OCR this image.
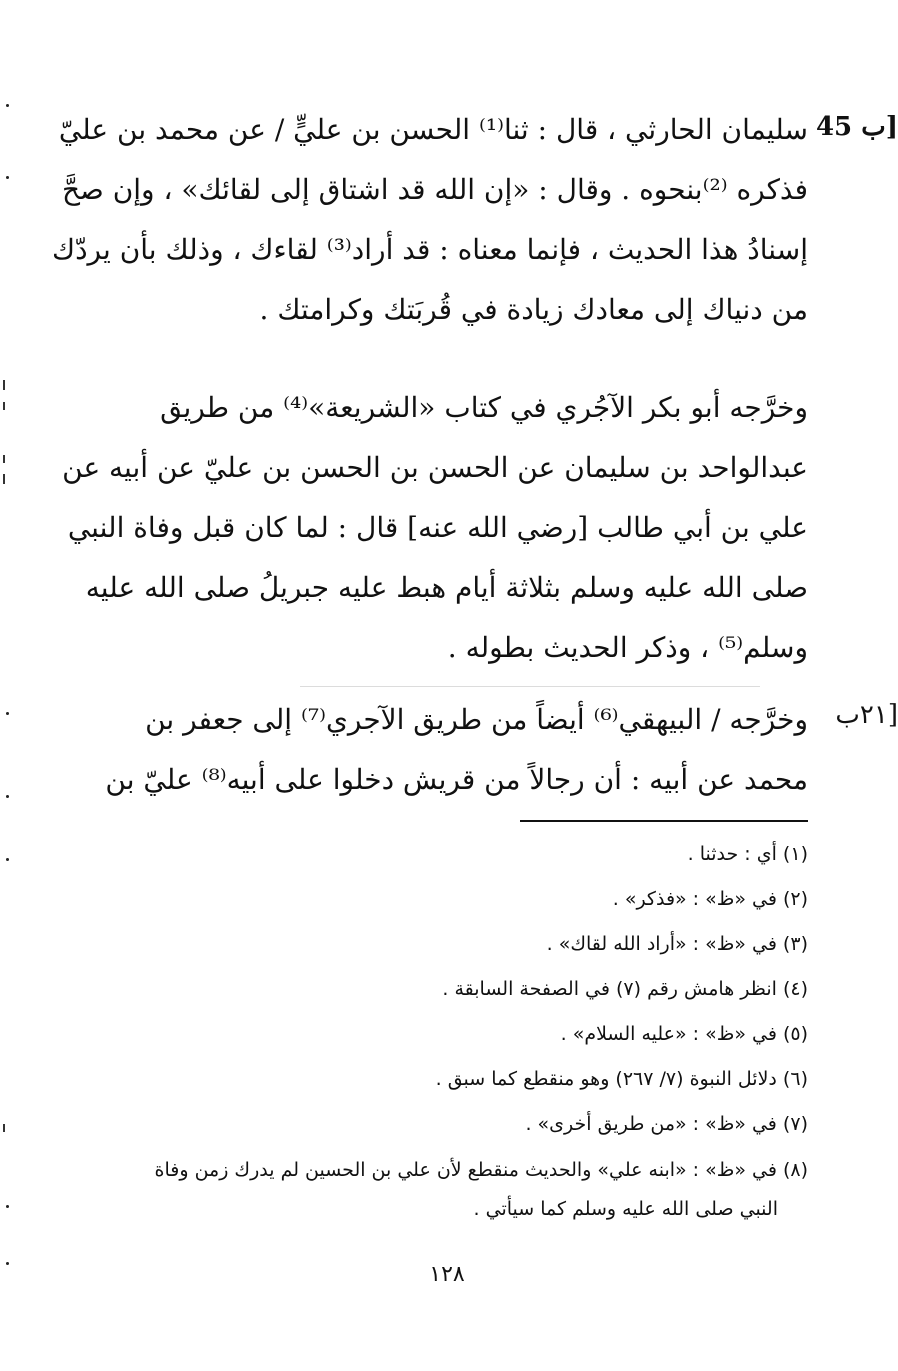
45 ب]
٢١ب]
سليمان الحارثي ، قال : ثنا⁽¹⁾ الحسن بن عليٍّ / عن محمد بن عليّ
فذكره ⁽²⁾بنحوه . وقال : «إن الله قد اشتاق إلى لقائك» ، وإن صحَّ
إسنادُ هذا الحديث ، فإنما معناه : قد أراد⁽³⁾ لقاءك ، وذلك بأن يردّك
من دنياك إلى معادك زيادة في قُربَتك وكرامتك .
وخرَّجه أبو بكر الآجُري في كتاب «الشريعة»⁽⁴⁾ من طريق
عبدالواحد بن سليمان عن الحسن بن الحسن بن عليّ عن أبيه عن
علي بن أبي طالب [رضي الله عنه] قال : لما كان قبل وفاة النبي
صلى الله عليه وسلم بثلاثة أيام هبط عليه جبريلُ صلى الله عليه
وسلم⁽⁵⁾ ، وذكر الحديث بطوله .
وخرَّجه / البيهقي⁽⁶⁾ أيضاً من طريق الآجري⁽⁷⁾ إلى جعفر بن
محمد عن أبيه : أن رجالاً من قريش دخلوا على أبيه⁽⁸⁾ عليّ بن
(١) أي : حدثنا .
(٢) في «ظ» : «فذكر» .
(٣) في «ظ» : «أراد الله لقاك» .
(٤) انظر هامش رقم (٧) في الصفحة السابقة .
(٥) في «ظ» : «عليه السلام» .
(٦) دلائل النبوة (٧/ ٢٦٧) وهو منقطع كما سبق .
(٧) في «ظ» : «من طريق أخرى» .
(٨) في «ظ» : «ابنه علي» والحديث منقطع لأن علي بن الحسين لم يدرك زمن وفاة
النبي صلى الله عليه وسلم كما سيأتي .
١٢٨
